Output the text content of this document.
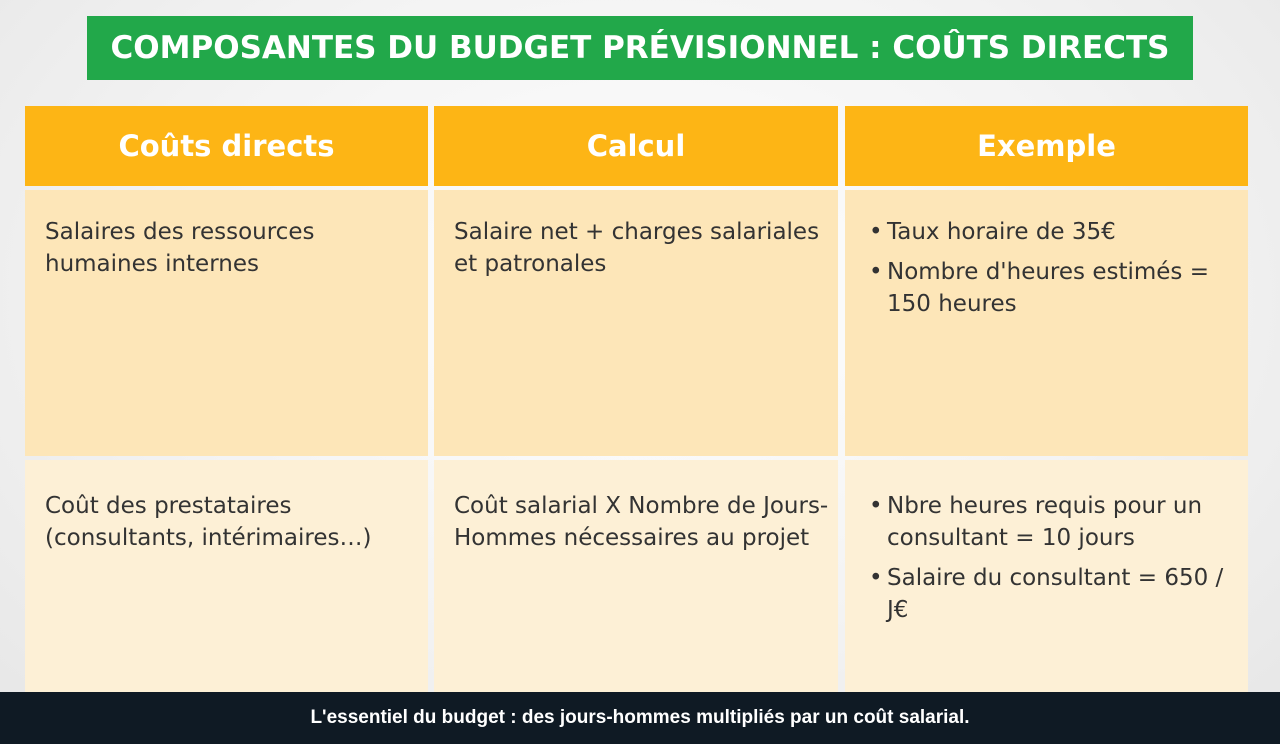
COMPOSANTES DU BUDGET PRÉVISIONNEL : COÛTS DIRECTS
Coûts directs	Calcul	Exemple
Salaires des ressources humaines internes
Salaire net + charges salariales et patronales
• Taux horaire de 35€
• Nombre d'heures estimés = 150 heures
Coût des prestataires (consultants, intérimaires…)
Coût salarial X Nombre de Jours-Hommes nécessaires au projet
• Nbre heures requis pour un consultant = 10 jours
• Salaire du consultant = 650 / J€
L'essentiel du budget : des jours-hommes multipliés par un coût salarial.
